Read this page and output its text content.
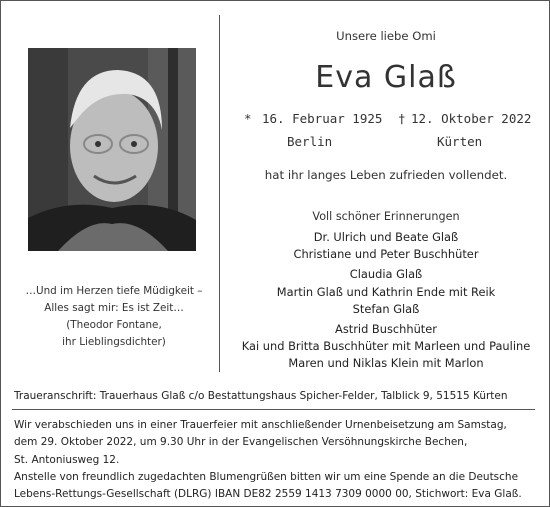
…Und im Herzen tiefe Müdigkeit –
Alles sagt mir: Es ist Zeit…
(Theodor Fontane,
ihr Lieblingsdichter)
Unsere liebe Omi
Eva Glaß
* 16. Februar 1925 † 12. Oktober 2022
Berlin	Kürten
hat ihr langes Leben zufrieden vollendet.
Voll schöner Erinnerungen
Dr. Ulrich und Beate Glaß
Christiane und Peter Buschhüter
Claudia Glaß
Martin Glaß und Kathrin Ende mit Reik
Stefan Glaß
Astrid Buschhüter
Kai und Britta Buschhüter mit Marleen und Pauline
Maren und Niklas Klein mit Marlon
Traueranschrift: Trauerhaus Glaß c/o Bestattungshaus Spicher-Felder, Talblick 9, 51515 Kürten
Wir verabschieden uns in einer Trauerfeier mit anschließender Urnenbeisetzung am Samstag,
dem 29. Oktober 2022, um 9.30 Uhr in der Evangelischen Versöhnungskirche Bechen,
St. Antoniusweg 12.
Anstelle von freundlich zugedachten Blumengrüßen bitten wir um eine Spende an die Deutsche
Lebens-Rettungs-Gesellschaft (DLRG) IBAN DE82 2559 1413 7309 0000 00, Stichwort: Eva Glaß.
